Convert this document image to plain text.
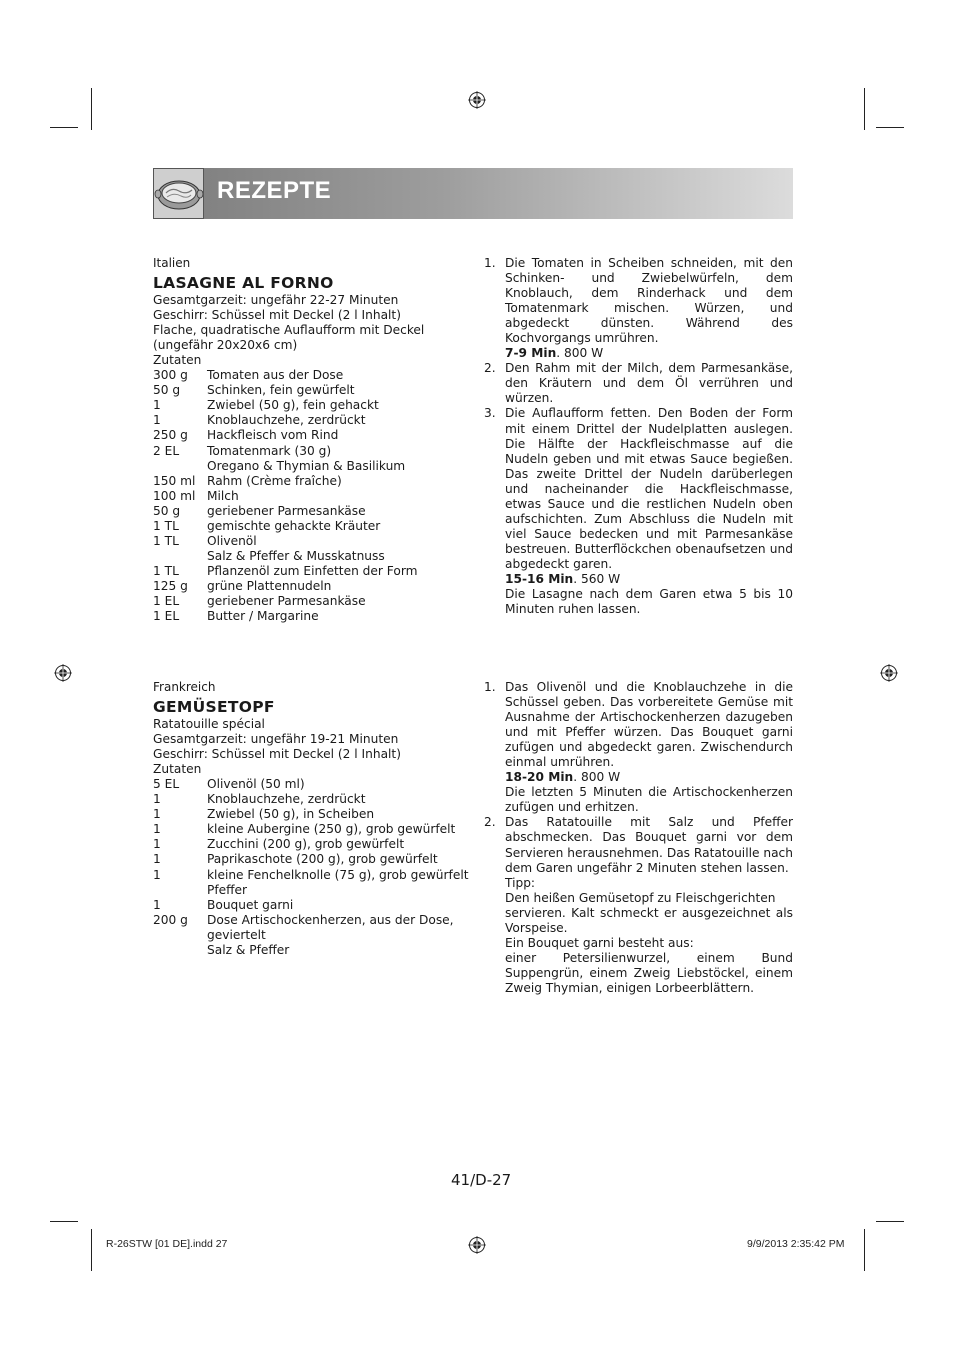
REZEPTE
Italien
LASAGNE AL FORNO
Gesamtgarzeit: ungefähr 22-27 Minuten
Geschirr: Schüssel mit Deckel (2 l Inhalt)
Flache, quadratische Auflaufform mit Deckel
(ungefähr 20x20x6 cm)
Zutaten
300 g	Tomaten aus der Dose
50 g	Schinken, fein gewürfelt
1	Zwiebel (50 g), fein gehackt
1	Knoblauchzehe, zerdrückt
250 g	Hackfleisch vom Rind
2 EL	Tomatenmark (30 g)
Oregano & Thymian & Basilikum
150 ml Rahm (Crème fraîche)
100 ml Milch
50 g	geriebener Parmesankäse
1 TL	gemischte gehackte Kräuter
1 TL	Olivenöl
Salz & Pfeffer & Musskatnuss
1 TL	Pflanzenöl zum Einfetten der Form
125 g	grüne Plattennudeln
1 EL	geriebener Parmesankäse
1 EL	Butter / Margarine
1. Die Tomaten in Scheiben schneiden, mit den Schinken- und Zwiebelwürfeln, dem Knoblauch, dem Rinderhack und dem Tomatenmark mischen. Würzen, und abgedeckt dünsten. Während des Kochvorgangs umrühren.
7-9 Min. 800 W
2. Den Rahm mit der Milch, dem Parmesankäse, den Kräutern und dem Öl verrühren und würzen.
3. Die Auflaufform fetten. Den Boden der Form mit einem Drittel der Nudelplatten auslegen. Die Hälfte der Hackfleischmasse auf die Nudeln geben und mit etwas Sauce begießen. Das zweite Drittel der Nudeln darüberlegen und nacheinander die Hackfleischmasse, etwas Sauce und die restlichen Nudeln oben aufschichten. Zum Abschluss die Nudeln mit viel Sauce bedecken und mit Parmesankäse bestreuen. Butterflöckchen obenaufsetzen und abgedeckt garen.
15-16 Min. 560 W
Die Lasagne nach dem Garen etwa 5 bis 10 Minuten ruhen lassen.
Frankreich
GEMÜSETOPF
Ratatouille spécial
Gesamtgarzeit: ungefähr 19-21 Minuten
Geschirr: Schüssel mit Deckel (2 l Inhalt)
Zutaten
5 EL	Olivenöl (50 ml)
1	Knoblauchzehe, zerdrückt
1	Zwiebel (50 g), in Scheiben
1	kleine Aubergine (250 g), grob gewürfelt
1	Zucchini (200 g), grob gewürfelt
1	Paprikaschote (200 g), grob gewürfelt
1	kleine Fenchelknolle (75 g), grob gewürfelt Pfeffer
1	Bouquet garni
200 g	Dose Artischockenherzen, aus der Dose, geviertelt
Salz & Pfeffer
1. Das Olivenöl und die Knoblauchzehe in die Schüssel geben. Das vorbereitete Gemüse mit Ausnahme der Artischockenherzen dazugeben und mit Pfeffer würzen. Das Bouquet garni zufügen und abgedeckt garen. Zwischendurch einmal umrühren.
18-20 Min. 800 W
Die letzten 5 Minuten die Artischockenherzen zufügen und erhitzen.
2. Das Ratatouille mit Salz und Pfeffer abschmecken. Das Bouquet garni vor dem Servieren herausnehmen. Das Ratatouille nach dem Garen ungefähr 2 Minuten stehen lassen.
Tipp:
Den heißen Gemüsetopf zu Fleischgerichten
servieren. Kalt schmeckt er ausgezeichnet als Vorspeise.
Ein Bouquet garni besteht aus:
einer Petersilienwurzel, einem Bund Suppengrün, einem Zweig Liebstöckel, einem Zweig Thymian, einigen Lorbeerblättern.
41/D-27
R-26STW [01 DE].indd 27	9/9/2013 2:35:42 PM
